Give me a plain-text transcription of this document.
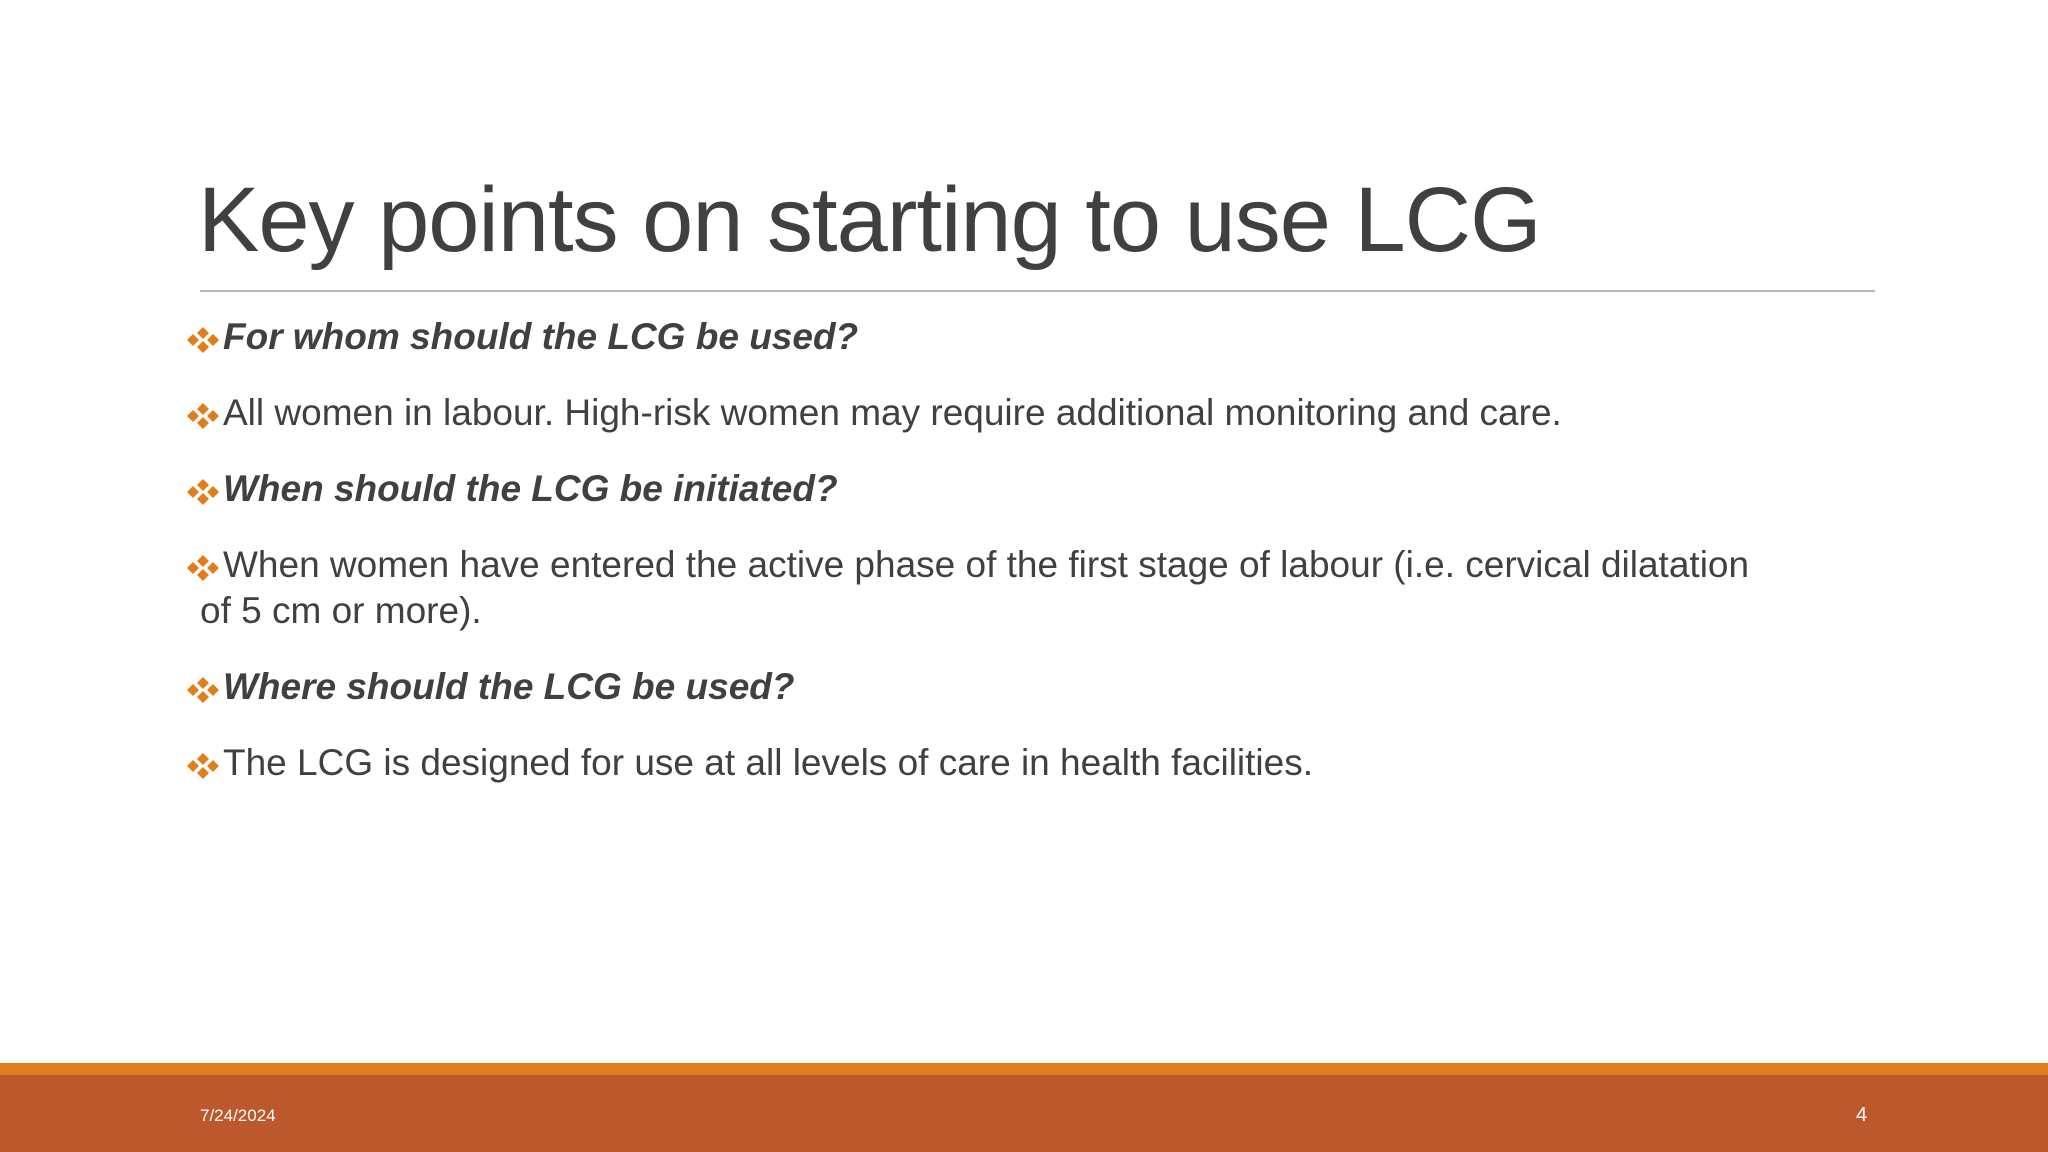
Key points on starting to use LCG
For whom should the LCG be used?
All women in labour. High-risk women may require additional monitoring and care.
When should the LCG be initiated?
When women have entered the active phase of the first stage of labour (i.e. cervical dilatation
of 5 cm or more).
Where should the LCG be used?
The LCG is designed for use at all levels of care in health facilities.
7/24/2024	4
